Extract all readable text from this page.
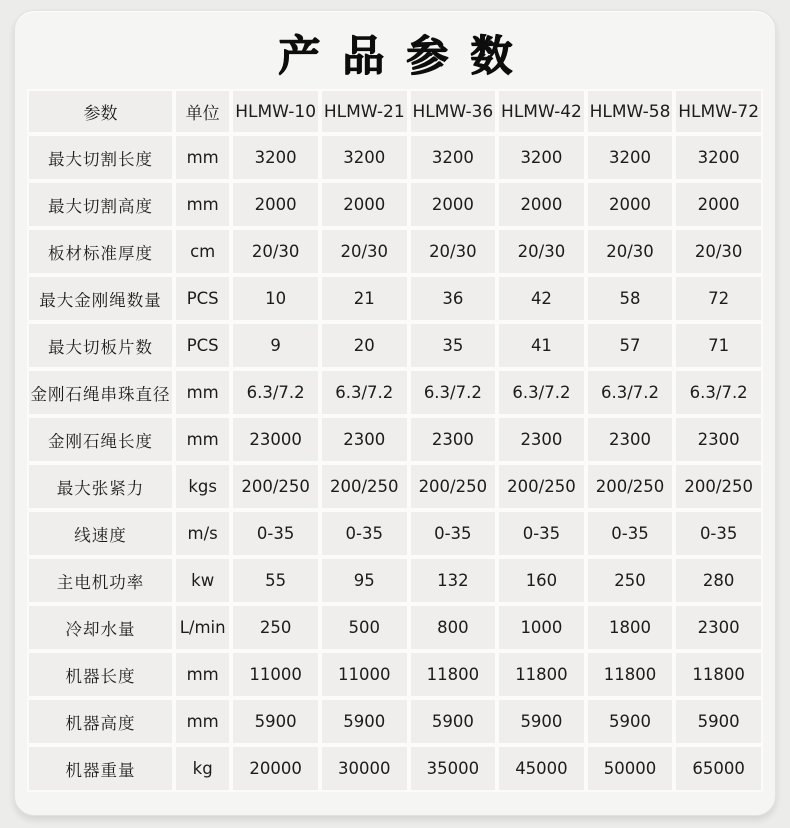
产品参数
参数	单位	HLMW-10	HLMW-21	HLMW-36	HLMW-42	HLMW-58	HLMW-72
最大切割长度	mm	3200	3200	3200	3200	3200	3200
最大切割高度	mm	2000	2000	2000	2000	2000	2000
板材标准厚度	cm	20/30	20/30	20/30	20/30	20/30	20/30
最大金刚绳数量	PCS	10	21	36	42	58	72
最大切板片数	PCS	9	20	35	41	57	71
金刚石绳串珠直径	mm	6.3/7.2	6.3/7.2	6.3/7.2	6.3/7.2	6.3/7.2	6.3/7.2
金刚石绳长度	mm	23000	2300	2300	2300	2300	2300
最大张紧力	kgs	200/250	200/250	200/250	200/250	200/250	200/250
线速度	m/s	0-35	0-35	0-35	0-35	0-35	0-35
主电机功率	kw	55	95	132	160	250	280
冷却水量	L/min	250	500	800	1000	1800	2300
机器长度	mm	11000	11000	11800	11800	11800	11800
机器高度	mm	5900	5900	5900	5900	5900	5900
机器重量	kg	20000	30000	35000	45000	50000	65000
